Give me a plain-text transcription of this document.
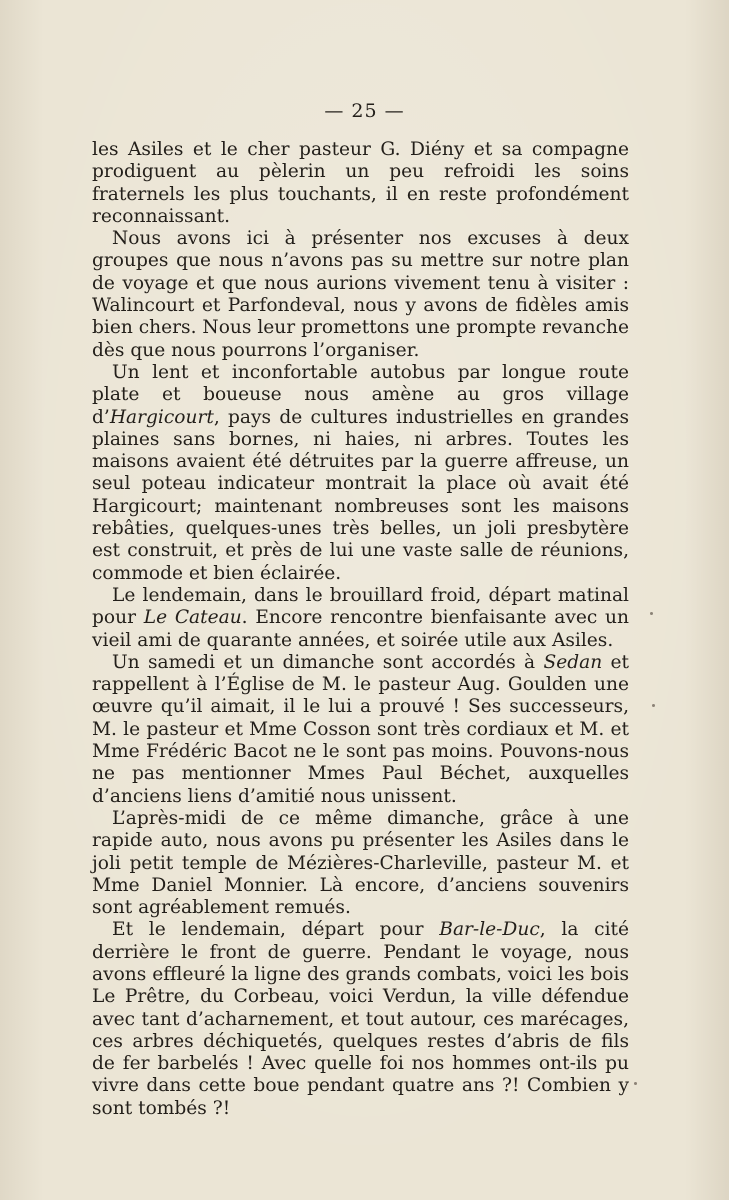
— 25 —

les Asiles et le cher pasteur G. Diény et sa compagne prodiguent au pèlerin un peu refroidi les soins fraternels les plus touchants, il en reste profondément reconnaissant.

Nous avons ici à présenter nos excuses à deux groupes que nous n’avons pas su mettre sur notre plan de voyage et que nous aurions vivement tenu à visiter : Walincourt et Parfondeval, nous y avons de fidèles amis bien chers. Nous leur promettons une prompte revanche dès que nous pourrons l’organiser.

Un lent et inconfortable autobus par longue route plate et boueuse nous amène au gros village d’Hargicourt, pays de cultures industrielles en grandes plaines sans bornes, ni haies, ni arbres. Toutes les maisons avaient été détruites par la guerre affreuse, un seul poteau indicateur montrait la place où avait été Hargicourt; maintenant nombreuses sont les maisons rebâties, quelques-unes très belles, un joli presbytère est construit, et près de lui une vaste salle de réunions, commode et bien éclairée.

Le lendemain, dans le brouillard froid, départ matinal pour Le Cateau. Encore rencontre bienfaisante avec un vieil ami de quarante années, et soirée utile aux Asiles.

Un samedi et un dimanche sont accordés à Sedan et rappellent à l’Église de M. le pasteur Aug. Goulden une œuvre qu’il aimait, il le lui a prouvé ! Ses successeurs, M. le pasteur et Mme Cosson sont très cordiaux et M. et Mme Frédéric Bacot ne le sont pas moins. Pouvons-nous ne pas mentionner Mmes Paul Béchet, auxquelles d’anciens liens d’amitié nous unissent.

L’après-midi de ce même dimanche, grâce à une rapide auto, nous avons pu présenter les Asiles dans le joli petit temple de Mézières-Charleville, pasteur M. et Mme Daniel Monnier. Là encore, d’anciens souvenirs sont agréablement remués.

Et le lendemain, départ pour Bar-le-Duc, la cité derrière le front de guerre. Pendant le voyage, nous avons effleuré la ligne des grands combats, voici les bois Le Prêtre, du Corbeau, voici Verdun, la ville défendue avec tant d’acharnement, et tout autour, ces marécages, ces arbres déchiquetés, quelques restes d’abris de fils de fer barbelés ! Avec quelle foi nos hommes ont-ils pu vivre dans cette boue pendant quatre ans ?! Combien y sont tombés ?!
